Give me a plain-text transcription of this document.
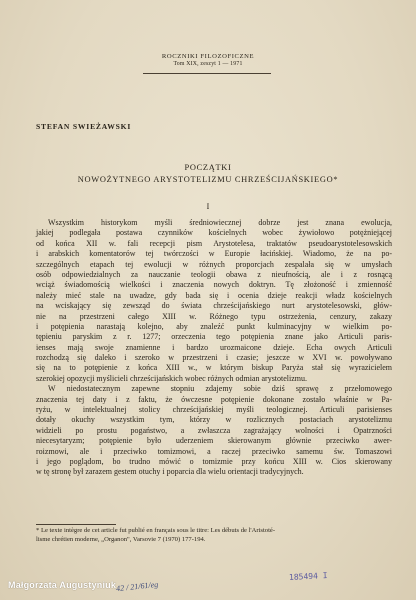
ROCZNIKI FILOZOFICZNE
Tom XIX, zeszyt 1 — 1971
STEFAN SWIEŻAWSKI
POCZĄTKI
NOWOŻYTNEGO ARYSTOTELIZMU CHRZEŚCIJAŃSKIEGO*
I
Wszystkim historykom myśli średniowiecznej dobrze jest znana ewolucja,
jakiej podlegała postawa czynników kościelnych wobec żywiołowo potężniejącej
od końca XII w. fali recepcji pism Arystotelesa, traktatów pseudoarystotelesowskich
i arabskich komentatorów tej twórczości w Europie łacińskiej. Wiadomo, że na po-
szczególnych etapach tej ewolucji w różnych proporcjach zespalała się w umysłach
osób odpowiedzialnych za nauczanie teologii obawa z nieufnością, ale i z rosnącą
wciąż świadomością wielkości i znaczenia nowych doktryn. Tę złożoność i zmienność
należy mieć stale na uwadze, gdy bada się i ocenia dzieje reakcji władz kościelnych
na wciskający się zewsząd do świata chrześcijańskiego nurt arystotelesowski, głów-
nie na przestrzeni całego XIII w. Różnego typu ostrzeżenia, cenzury, zakazy
i potępienia narastają kolejno, aby znaleźć punkt kulminacyjny w wielkim po-
tępieniu paryskim z r. 1277; orzeczenia tego potępienia znane jako Articuli paris-
ienses mają swoje znamienne i bardzo urozmaicone dzieje. Echa owych Articuli
rozchodzą się daleko i szeroko w przestrzeni i czasie; jeszcze w XVI w. powoływano
się na to potępienie z końca XIII w., w którym biskup Paryża stał się wyrazicielem
szerokiej opozycji myślicieli chrześcijańskich wobec różnych odmian arystotelizmu.
W niedostatecznym zapewne stopniu zdajemy sobie dziś sprawę z przełomowego
znaczenia tej daty i z faktu, że ówczesne potępienie dokonane zostało właśnie w Pa-
ryżu, w intelektualnej stolicy chrześcijańskiej myśli teologicznej. Articuli parisienses
dotały okuchy wszystkim tym, którzy w rozlicznych postaciach arystotelizmu
widzieli po prostu pogaństwo, a zwłaszcza zagrażający wolności i Opatrzności
niecesytaryzm; potępienie było uderzeniem skierowanym głównie przeciwko awer-
roizmowi, ale i przeciwko tomizmowi, a raczej przeciwko samemu św. Tomaszowi
i jego poglądom, bo trudno mówić o tomizmie przy końcu XIII w. Cios skierowany
w tę stronę był zarazem gestem otuchy i poparcia dla wielu orientacji tradycyjnych.
* Le texte intègre de cet article fut publié en français sous le titre: Les débuts de l'Aristoté-
lisme chrétien moderne, „Organon", Varsovie 7 (1970) 177-194.
185494 I
42 / 21/61/eg
Małgorzata Augustyniuk
